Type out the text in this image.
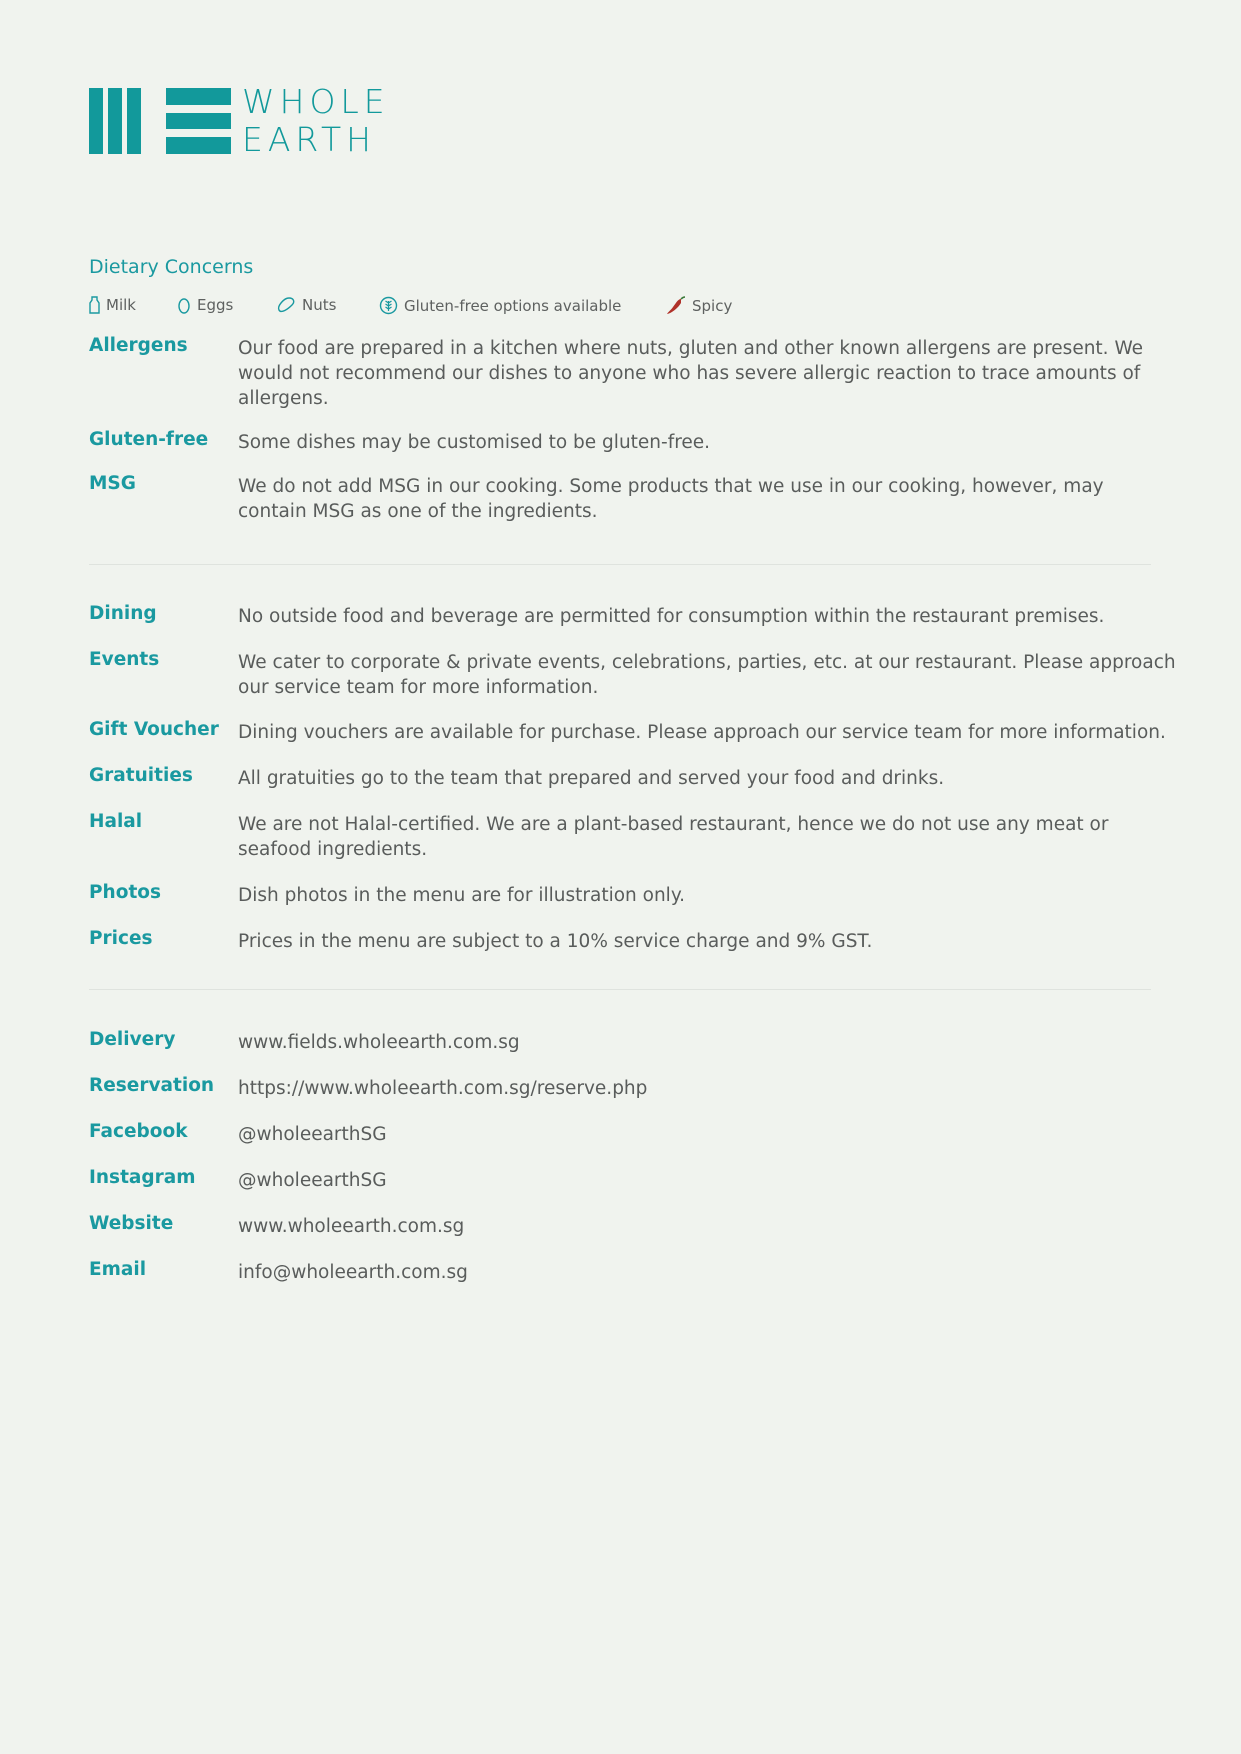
WHOLE
EARTH
Dietary Concerns
Milk	Eggs	Nuts	Gluten-free options available	Spicy
Allergens	Our food are prepared in a kitchen where nuts, gluten and other known allergens are present. We would not recommend our dishes to anyone who has severe allergic reaction to trace amounts of allergens.
Gluten-free	Some dishes may be customised to be gluten-free.
MSG	We do not add MSG in our cooking. Some products that we use in our cooking, however, may contain MSG as one of the ingredients.
Dining	No outside food and beverage are permitted for consumption within the restaurant premises.
Events	We cater to corporate & private events, celebrations, parties, etc. at our restaurant. Please approach our service team for more information.
Gift Voucher	Dining vouchers are available for purchase. Please approach our service team for more information.
Gratuities	All gratuities go to the team that prepared and served your food and drinks.
Halal	We are not Halal-certified. We are a plant-based restaurant, hence we do not use any meat or seafood ingredients.
Photos	Dish photos in the menu are for illustration only.
Prices	Prices in the menu are subject to a 10% service charge and 9% GST.
Delivery	www.fields.wholeearth.com.sg
Reservation	https://www.wholeearth.com.sg/reserve.php
Facebook	@wholeearthSG
Instagram	@wholeearthSG
Website	www.wholeearth.com.sg
Email	info@wholeearth.com.sg
